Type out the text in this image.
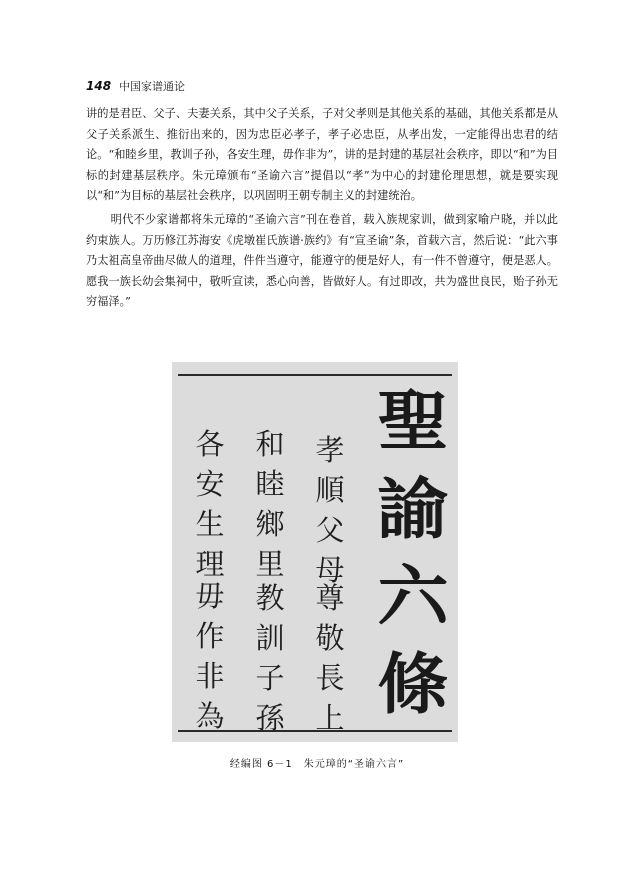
148 中国家谱通论

讲的是君臣、父子、夫妻关系，其中父子关系，子对父孝则是其他关系的基础，其他关系都是从父子关系派生、推衍出来的，因为忠臣必孝子，孝子必忠臣，从孝出发，一定能得出忠君的结论。“和睦乡里，教训子孙，各安生理，毋作非为”，讲的是封建的基层社会秩序，即以“和”为目标的封建基层秩序。朱元璋颁布“圣谕六言”提倡以“孝”为中心的封建伦理思想，就是要实现以“和”为目标的基层社会秩序，以巩固明王朝专制主义的封建统治。

明代不少家谱都将朱元璋的“圣谕六言”刊在卷首，载入族规家训，做到家喻户晓，并以此约束族人。万历修江苏海安《虎墩崔氏族谱·族约》有“宣圣谕”条，首载六言，然后说：“此六事乃太祖高皇帝曲尽做人的道理，件件当遵守，能遵守的便是好人，有一件不曾遵守，便是恶人。愿我一族长幼会集祠中，敬听宣读，悉心向善，皆做好人。有过即改，共为盛世良民，贻子孙无穷福泽。”

聖
諭
六
條
孝
順
父
母
尊
敬
長
上
和
睦
鄉
里
教
訓
子
孫
各
安
生
理
毋
作
非
為
经编图 6－1　朱元璋的“圣谕六言”
